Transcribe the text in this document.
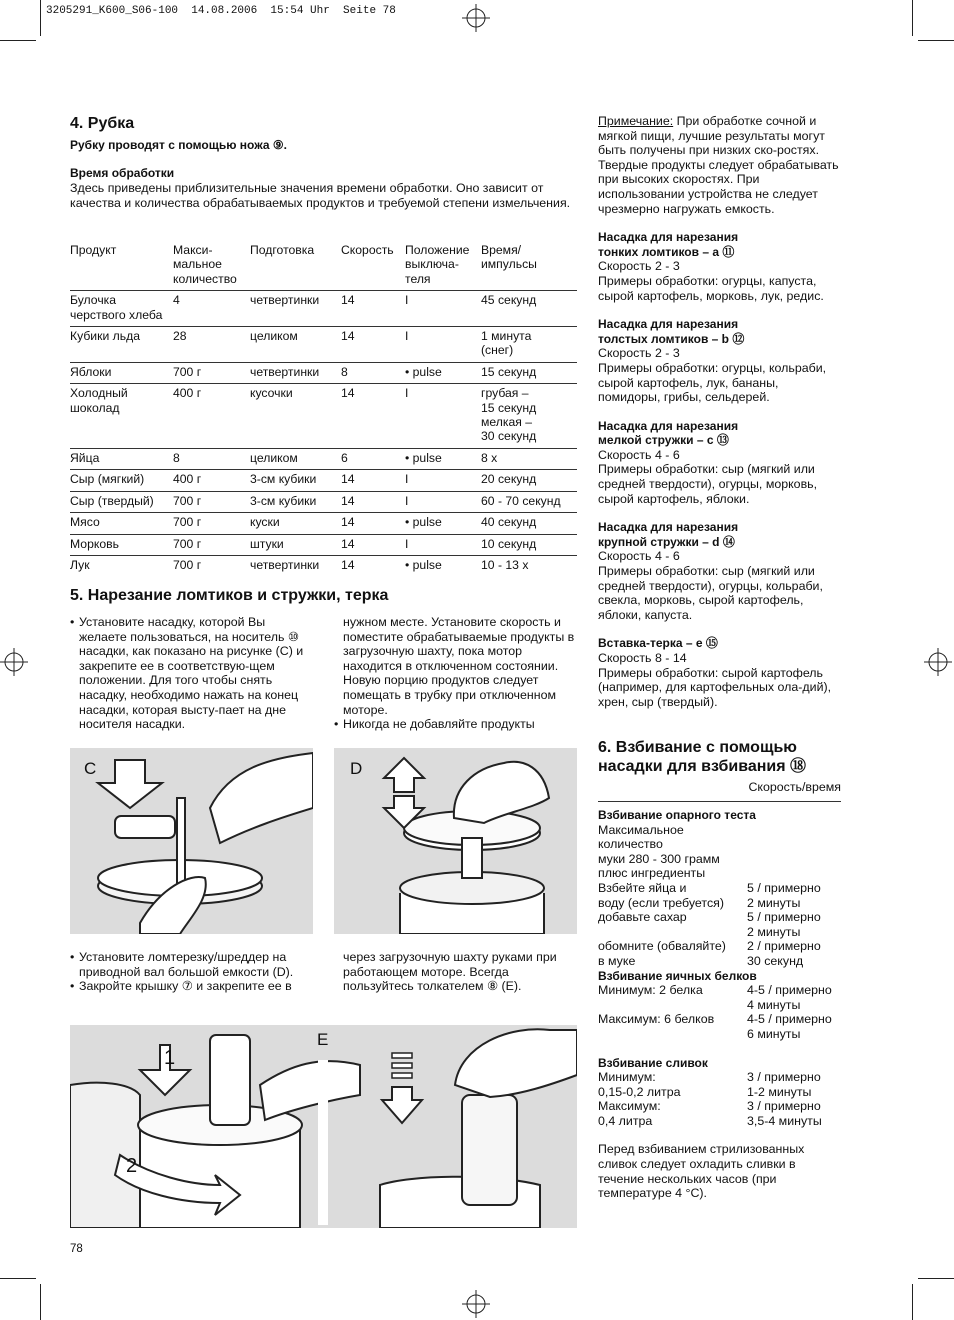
3205291_K600_S06-100  14.08.2006  15:54 Uhr  Seite 78
4. Рубка
Рубку проводят с помощью ножа ⑨.
Время обработки
Здесь приведены приблизительные значения времени обработки. Оно зависит от качества и количества обрабатываемых продуктов и требуемой степени измельчения.
Продукт	Макси-
мальное
количество	Подготовка	Скорость	Положение
выключа-
теля	Время/
импульсы
Булочка
черствого хлеба	4	четвертинки	14	I	45 секунд
Кубики льда	28	целиком	14	I	1 минута
(снег)
Яблоки	700 г	четвертинки	8	• pulse	15 секунд
Холодный
шоколад	400 г	кусочки	14	I	грубая –
15 секунд
мелкая –
30 секунд
Яйца	8	целиком	6	• pulse	8 х
Сыр (мягкий)	400 г	3-см кубики	14	I	20 секунд
Сыр (твердый)	700 г	3-см кубики	14	I	60 - 70 секунд
Мясо	700 г	куски	14	• pulse	40 секунд
Морковь	700 г	штуки	14	I	10 секунд
Лук	700 г	четвертинки	14	• pulse	10 - 13 х
5. Нарезание ломтиков и стружки, терка
• Установите насадку, которой Вы желаете пользоваться, на носитель ⑩ насадки, как показано на рисунке (C) и закрепите ее в соответствую-щем положении. Для того чтобы снять насадку, необходимо нажать на конец насадки, которая высту-пает на дне носителя насадки.
нужном месте. Установите скорость и поместите обрабатываемые продукты в загрузочную шахту, пока мотор находится в отключенном состоянии. Новую порцию продуктов следует помещать в трубку при отключенном моторе.
• Никогда не добавляйте продукты
C	D
• Установите ломтерезку/шреддер на приводной вал большой емкости (D).
• Закройте крышку ⑦ и закрепите ее в
через загрузочную шахту руками при работающем моторе. Всегда пользуйтесь толкателем ⑧ (E).
E
1
2
78

Примечание: При обработке сочной и мягкой пищи, лучшие результаты могут быть получены при низких ско-ростях. Твердые продукты следует обрабатывать при высоких скоростях. При использовании устройства не следует чрезмерно нагружать емкость.

Насадка для нарезания
тонких ломтиков – a ⑪
Скорость 2 - 3
Примеры обработки: огурцы, капуста, сырой картофель, морковь, лук, редис.
Насадка для нарезания
толстых ломтиков – b ⑫
Скорость 2 - 3
Примеры обработки: огурцы, кольраби, сырой картофель, лук, бананы, помидоры, грибы, сельдерей.
Насадка для нарезания
мелкой стружки – c ⑬
Скорость 4 - 6
Примеры обработки: сыр (мягкий или средней твердости), огурцы, морковь, сырой картофель, яблоки.
Насадка для нарезания
крупной стружки – d ⑭
Скорость 4 - 6
Примеры обработки: сыр (мягкий или средней твердости), огурцы, кольраби, свекла, морковь, сырой картофель, яблоки, капуста.
Вставка-терка – e ⑮
Скорость 8 - 14
Примеры обработки: сырой картофель (например, для картофельных ола-дий), хрен, сыр (твердый).
6. Взбивание с помощью
насадки для взбивания ⑱
Скорость/время
Взбивание опарного теста
Максимальное количество
муки 280 - 300 грамм
плюс ингредиенты
Взбейте яйца и	5 / примерно
воду (если требуется)	2 минуты
добавьте сахар	5 / примерно
2 минуты
обомните (обваляйте)	2 / примерно
в муке	30 секунд
Взбивание яичных белков
Минимум: 2 белка	4-5 / примерно
4 минуты
Максимум: 6 белков	4-5 / примерно
6 минуты
Взбивание сливок
Минимум:	3 / примерно
0,15-0,2 литра	1-2 минуты
Максимум:	3 / примерно
0,4 литра	3,5-4 минуты
Перед взбиванием стрилизованных сливок следует охладить сливки в течение нескольких часов (при температуре 4 °C).
